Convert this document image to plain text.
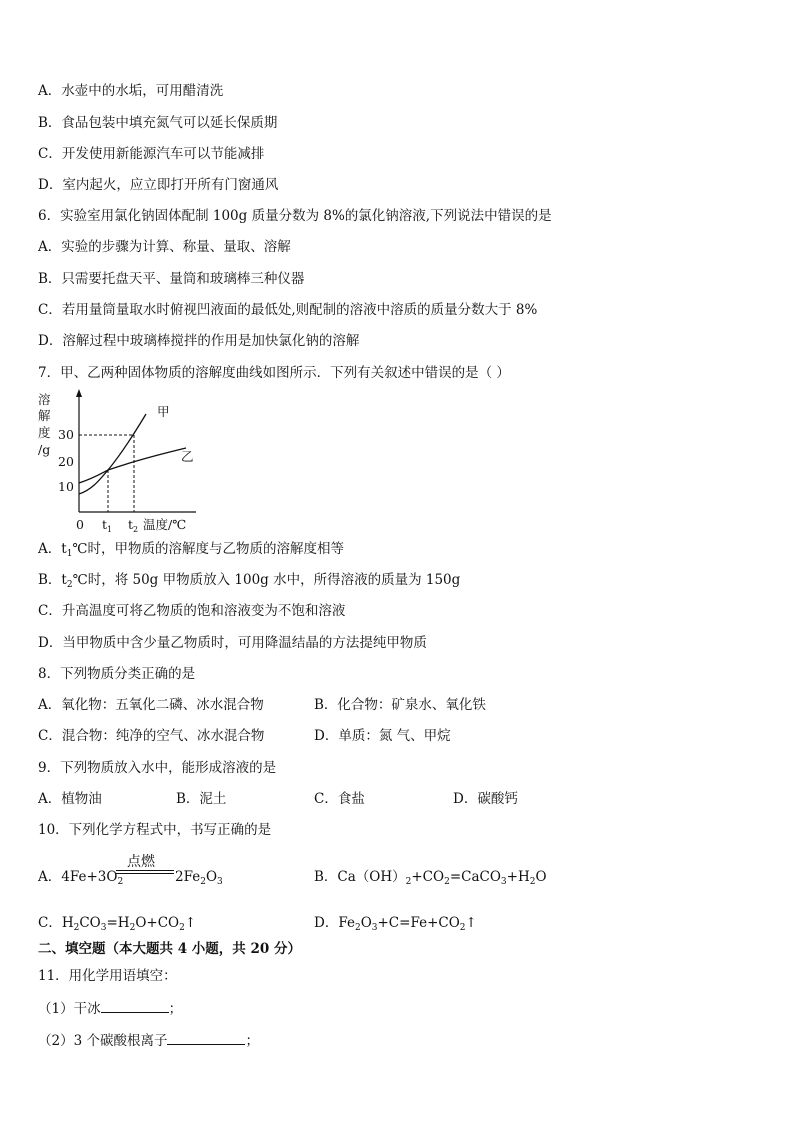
A．水壶中的水垢，可用醋清洗
B．食品包装中填充氮气可以延长保质期
C．开发使用新能源汽车可以节能减排
D．室内起火，应立即打开所有门窗通风
6．实验室用氯化钠固体配制 100g 质量分数为 8%的氯化钠溶液,下列说法中错误的是
A．实验的步骤为计算、称量、量取、溶解
B．只需要托盘天平、量筒和玻璃棒三种仪器
C．若用量筒量取水时俯视凹液面的最低处,则配制的溶液中溶质的质量分数大于 8%
D．溶解过程中玻璃棒搅拌的作用是加快氯化钠的溶解
7．甲、乙两种固体物质的溶解度曲线如图所示．下列有关叙述中错误的是（ ）
溶
解
度
/g
30
20
10
0 $t_1$ $t_2$ 温度/℃
甲
乙
A．$t_1℃$时，甲物质的溶解度与乙物质的溶解度相等
B．$t_2℃$时，将 50g 甲物质放入 100g 水中，所得溶液的质量为 150g
C．升高温度可将乙物质的饱和溶液变为不饱和溶液
D．当甲物质中含少量乙物质时，可用降温结晶的方法提纯甲物质
8．下列物质分类正确的是
A．氧化物：五氧化二磷、冰水混合物	B．化合物：矿泉水、氧化铁
C．混合物：纯净的空气、冰水混合物	D．单质：氮 气、甲烷
9．下列物质放入水中，能形成溶液的是
A．植物油	B．泥土	C．食盐	D．碳酸钙
10．下列化学方程式中，书写正确的是
点燃
A．$4Fe+3O_2$	$2Fe_2O_3$	B．$Ca(OH)_2+CO_2=CaCO_3+H_2O$
C．$H_2CO_3=H_2O+CO_2↑$	D．$Fe_2O_3+C=Fe+CO_2↑$
二、填空题（本大题共 4 小题，共 20 分）
11．用化学用语填空：
（1）干冰	；
（2）3 个碳酸根离子	；
